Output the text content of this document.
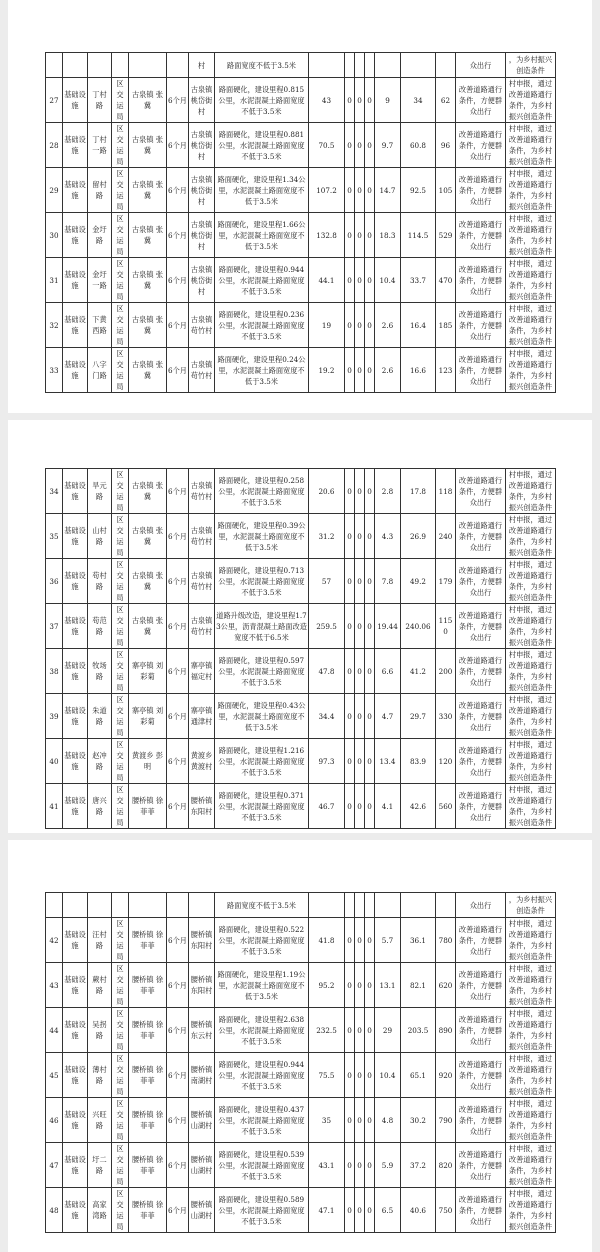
						村	路面宽度不低于3.5米								众出行	，为乡村振兴创造条件
27	基础设施	丁村路	区交运局	古泉镇 张冀	6个月	古泉镇桃岱街村	路面硬化，建设里程0.815公里，水泥混凝土路面宽度不低于3.5米	43	0	0	0	9	34	62	改善道路通行条件，方便群众出行	村申报，通过改善道路通行条件，为乡村振兴创造条件
28	基础设施	丁村一路	区交运局	古泉镇 张冀	6个月	古泉镇桃岱街村	路面硬化，建设里程0.881公里，水泥混凝土路面宽度不低于3.5米	70.5	0	0	0	9.7	60.8	96	改善道路通行条件，方便群众出行	村申报，通过改善道路通行条件，为乡村振兴创造条件
29	基础设施	留村路	区交运局	古泉镇 张冀	6个月	古泉镇桃岱街村	路面硬化，建设里程1.34公里，水泥混凝土路面宽度不低于3.5米	107.2	0	0	0	14.7	92.5	105	改善道路通行条件，方便群众出行	村申报，通过改善道路通行条件，为乡村振兴创造条件
30	基础设施	金圩路	区交运局	古泉镇 张冀	6个月	古泉镇桃岱街村	路面硬化，建设里程1.66公里，水泥混凝土路面宽度不低于3.5米	132.8	0	0	0	18.3	114.5	529	改善道路通行条件，方便群众出行	村申报，通过改善道路通行条件，为乡村振兴创造条件
31	基础设施	金圩一路	区交运局	古泉镇 张冀	6个月	古泉镇桃岱街村	路面硬化，建设里程0.944公里，水泥混凝土路面宽度不低于3.5米	44.1	0	0	0	10.4	33.7	470	改善道路通行条件，方便群众出行	村申报，通过改善道路通行条件，为乡村振兴创造条件
32	基础设施	下黄西路	区交运局	古泉镇 张冀	6个月	古泉镇苟竹村	路面硬化，建设里程0.236公里，水泥混凝土路面宽度不低于3.5米	19	0	0	0	2.6	16.4	185	改善道路通行条件，方便群众出行	村申报，通过改善道路通行条件，为乡村振兴创造条件
33	基础设施	八字门路	区交运局	古泉镇 张冀	6个月	古泉镇苟竹村	路面硬化，建设里程0.24公里，水泥混凝土路面宽度不低于3.5米	19.2	0	0	0	2.6	16.6	123	改善道路通行条件，方便群众出行	村申报，通过改善道路通行条件，为乡村振兴创造条件
34	基础设施	旱元路	区交运局	古泉镇 张冀	6个月	古泉镇苟竹村	路面硬化，建设里程0.258公里，水泥混凝土路面宽度不低于3.5米	20.6	0	0	0	2.8	17.8	118	改善道路通行条件，方便群众出行	村申报，通过改善道路通行条件，为乡村振兴创造条件
35	基础设施	山村路	区交运局	古泉镇 张冀	6个月	古泉镇苟竹村	路面硬化，建设里程0.39公里，水泥混凝土路面宽度不低于3.5米	31.2	0	0	0	4.3	26.9	240	改善道路通行条件，方便群众出行	村申报，通过改善道路通行条件，为乡村振兴创造条件
36	基础设施	苟村路	区交运局	古泉镇 张冀	6个月	古泉镇苟竹村	路面硬化，建设里程0.713公里，水泥混凝土路面宽度不低于3.5米	57	0	0	0	7.8	49.2	179	改善道路通行条件，方便群众出行	村申报，通过改善道路通行条件，为乡村振兴创造条件
37	基础设施	苟范路	区交运局	古泉镇 张冀	6个月	古泉镇苟竹村	道路升级改造，建设里程1.73公里，沥青混凝土路面改造宽度不低于6.5米	259.5	0	0	0	19.44	240.06	1150	改善道路通行条件，方便群众出行	村申报，通过改善道路通行条件，为乡村振兴创造条件
38	基础设施	牧场路	区交运局	寨亭镇 刘彩菊	6个月	寨亭镇福定村	路面硬化，建设里程0.597公里，水泥混凝土路面宽度不低于3.5米	47.8	0	0	0	6.6	41.2	200	改善道路通行条件，方便群众出行	村申报，通过改善道路通行条件，为乡村振兴创造条件
39	基础设施	朱道路	区交运局	寨亭镇 刘彩菊	6个月	寨亭镇通津村	路面硬化，建设里程0.43公里，水泥混凝土路面宽度不低于3.5米	34.4	0	0	0	4.7	29.7	330	改善道路通行条件，方便群众出行	村申报，通过改善道路通行条件，为乡村振兴创造条件
40	基础设施	赵冲路	区交运局	黄渡乡 彭明	6个月	黄渡乡黄渡村	路面硬化，建设里程1.216公里，水泥混凝土路面宽度不低于3.5米	97.3	0	0	0	13.4	83.9	120	改善道路通行条件，方便群众出行	村申报，通过改善道路通行条件，为乡村振兴创造条件
41	基础设施	唐兴路	区交运局	腰桥镇 徐菲菲	6个月	腰桥镇东阳村	路面硬化，建设里程0.371公里，水泥混凝土路面宽度不低于3.5米	46.7	0	0	0	4.1	42.6	560	改善道路通行条件，方便群众出行	村申报，通过改善道路通行条件，为乡村振兴创造条件
							路面宽度不低于3.5米								众出行	，为乡村振兴创造条件
42	基础设施	汪村路	区交运局	腰桥镇 徐菲菲	6个月	腰桥镇东阳村	路面硬化，建设里程0.522公里，水泥混凝土路面宽度不低于3.5米	41.8	0	0	0	5.7	36.1	780	改善道路通行条件，方便群众出行	村申报，通过改善道路通行条件，为乡村振兴创造条件
43	基础设施	蕨村路	区交运局	腰桥镇 徐菲菲	6个月	腰桥镇东阳村	路面硬化，建设里程1.19公里，水泥混凝土路面宽度不低于3.5米	95.2	0	0	0	13.1	82.1	620	改善道路通行条件，方便群众出行	村申报，通过改善道路通行条件，为乡村振兴创造条件
44	基础设施	吴拐路	区交运局	腰桥镇 徐菲菲	6个月	腰桥镇东云村	路面硬化，建设里程2.638公里，水泥混凝土路面宽度不低于3.5米	232.5	0	0	0	29	203.5	890	改善道路通行条件，方便群众出行	村申报，通过改善道路通行条件，为乡村振兴创造条件
45	基础设施	薄村路	区交运局	腰桥镇 徐菲菲	6个月	腰桥镇南湖村	路面硬化，建设里程0.944公里，水泥混凝土路面宽度不低于3.5米	75.5	0	0	0	10.4	65.1	920	改善道路通行条件，方便群众出行	村申报，通过改善道路通行条件，为乡村振兴创造条件
46	基础设施	兴旺路	区交运局	腰桥镇 徐菲菲	6个月	腰桥镇山湖村	路面硬化，建设里程0.437公里，水泥混凝土路面宽度不低于3.5米	35	0	0	0	4.8	30.2	790	改善道路通行条件，方便群众出行	村申报，通过改善道路通行条件，为乡村振兴创造条件
47	基础设施	圩二路	区交运局	腰桥镇 徐菲菲	6个月	腰桥镇山湖村	路面硬化，建设里程0.539公里，水泥混凝土路面宽度不低于3.5米	43.1	0	0	0	5.9	37.2	820	改善道路通行条件，方便群众出行	村申报，通过改善道路通行条件，为乡村振兴创造条件
48	基础设施	高家湾路	区交运局	腰桥镇 徐菲菲	6个月	腰桥镇山湖村	路面硬化，建设里程0.589公里，水泥混凝土路面宽度不低于3.5米	47.1	0	0	0	6.5	40.6	750	改善道路通行条件，方便群众出行	村申报，通过改善道路通行条件，为乡村振兴创造条件
